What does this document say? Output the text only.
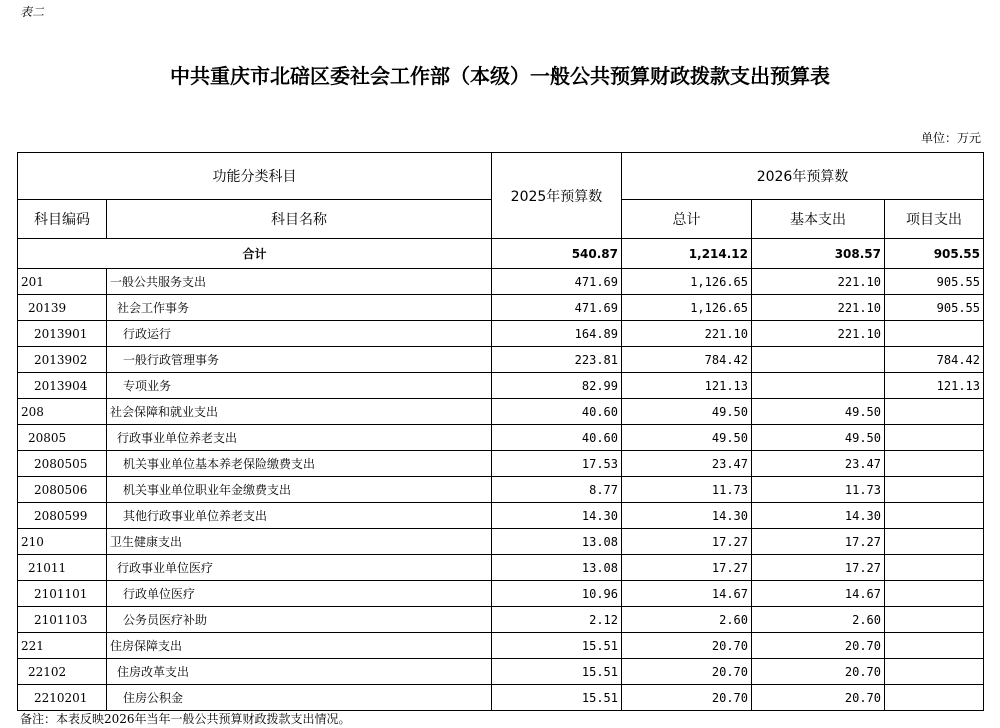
表二
中共重庆市北碚区委社会工作部（本级）一般公共预算财政拨款支出预算表
单位：万元
功能分类科目		2025年预算数	2026年预算数		
科目编码	科目名称		总计	基本支出	项目支出
合计		540.87	1,214.12	308.57	905.55
201	一般公共服务支出	471.69	1,126.65	221.10	905.55
20139	社会工作事务	471.69	1,126.65	221.10	905.55
2013901	行政运行	164.89	221.10	221.10	
2013902	一般行政管理事务	223.81	784.42		784.42
2013904	专项业务	82.99	121.13		121.13
208	社会保障和就业支出	40.60	49.50	49.50	
20805	行政事业单位养老支出	40.60	49.50	49.50	
2080505	机关事业单位基本养老保险缴费支出	17.53	23.47	23.47	
2080506	机关事业单位职业年金缴费支出	8.77	11.73	11.73	
2080599	其他行政事业单位养老支出	14.30	14.30	14.30	
210	卫生健康支出	13.08	17.27	17.27	
21011	行政事业单位医疗	13.08	17.27	17.27	
2101101	行政单位医疗	10.96	14.67	14.67	
2101103	公务员医疗补助	2.12	2.60	2.60	
221	住房保障支出	15.51	20.70	20.70	
22102	住房改革支出	15.51	20.70	20.70	
2210201	住房公积金	15.51	20.70	20.70	
备注：本表反映2026年当年一般公共预算财政拨款支出情况。
